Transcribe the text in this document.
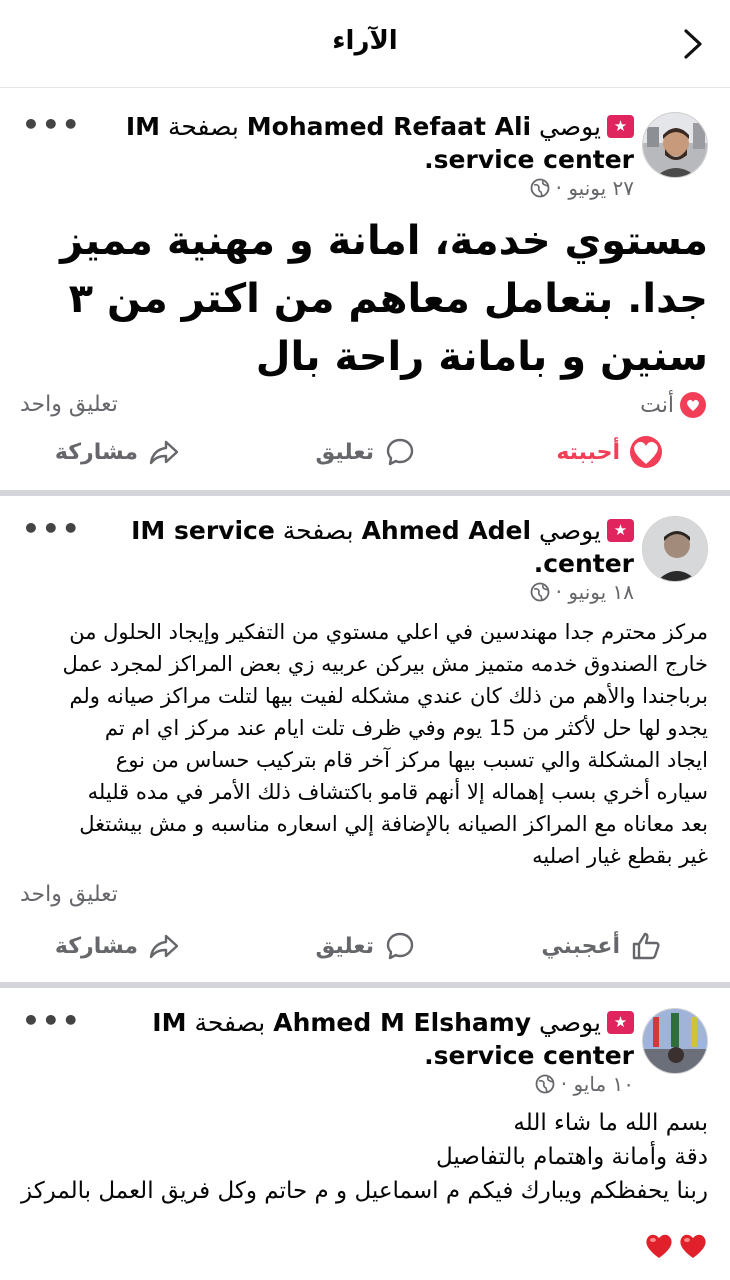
الآراء
★
يوصي Mohamed Refaat Ali بصفحة IM service center.
٢٧ يونيو ·
•••
مستوي خدمة، امانة و مهنية مميز جدا. بتعامل معاهم من اكتر من ٣ سنين و بامانة راحة بال
أنت
تعليق واحد
أحببته
تعليق
مشاركة
★
يوصي Ahmed Adel بصفحة IM service center.
١٨ يونيو ·
•••
مركز محترم جدا مهندسين في اعلي مستوي من التفكير وإيجاد الحلول من خارج الصندوق خدمه متميز مش بيركن عربيه زي بعض المراكز لمجرد عمل برباجندا والأهم من ذلك كان عندي مشكله لفيت بيها لتلت مراكز صيانه ولم يجدو لها حل لأكثر من 15 يوم وفي ظرف تلت ايام عند مركز اي ام تم ايجاد المشكلة والي تسبب بيها مركز آخر قام بتركيب حساس من نوع سياره أخري بسب إهماله إلا أنهم قامو باكتشاف ذلك الأمر في مده قليله بعد معاناه مع المراكز الصيانه بالإضافة إلي اسعاره مناسبه و مش بيشتغل غير بقطع غيار اصليه
تعليق واحد
أعجبني
تعليق
مشاركة
★
يوصي Ahmed M Elshamy بصفحة IM service center.
١٠ مايو ·
•••
بسم الله ما شاء الله
دقة وأمانة واهتمام بالتفاصيل
ربنا يحفظكم ويبارك فيكم م اسماعيل و م حاتم وكل فريق العمل بالمركز
